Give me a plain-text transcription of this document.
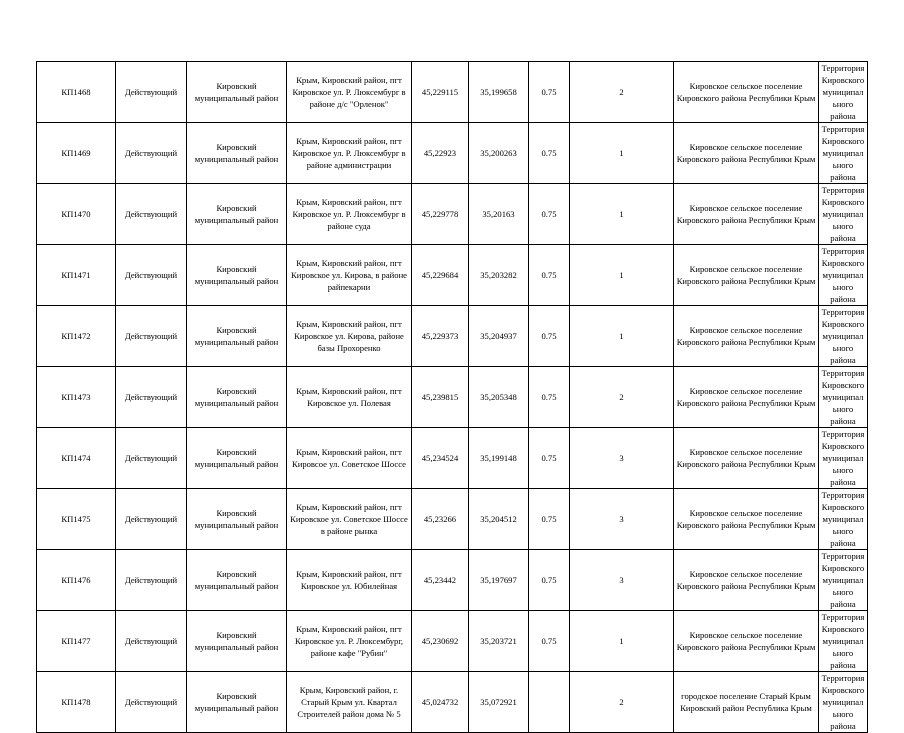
КП1468	Действующий	Кировский муниципальный район	Крым, Кировский район, пгт Кировское ул. Р. Люксембург в районе д/с "Орленок"	45,229115	35,199658	0.75	2	Кировское сельское поселение Кировского района Республики Крым	Территория Кировского муниципального района
КП1469	Действующий	Кировский муниципальный район	Крым, Кировский район, пгт Кировское ул. Р. Люксембург в районе администрации	45,22923	35,200263	0.75	1	Кировское сельское поселение Кировского района Республики Крым	Территория Кировского муниципального района
КП1470	Действующий	Кировский муниципальный район	Крым, Кировский район, пгт Кировское ул. Р. Люксембург в районе суда	45,229778	35,20163	0.75	1	Кировское сельское поселение Кировского района Республики Крым	Территория Кировского муниципального района
КП1471	Действующий	Кировский муниципальный район	Крым, Кировский район, пгт Кировское ул. Кирова, в районе райпекарни	45,229684	35,203282	0.75	1	Кировское сельское поселение Кировского района Республики Крым	Территория Кировского муниципального района
КП1472	Действующий	Кировский муниципальный район	Крым, Кировский район, пгт Кировское ул. Кирова, районе базы Прохоренко	45,229373	35,204937	0.75	1	Кировское сельское поселение Кировского района Республики Крым	Территория Кировского муниципального района
КП1473	Действующий	Кировский муниципальный район	Крым, Кировский район, пгт Кировское ул. Полевая	45,239815	35,205348	0.75	2	Кировское сельское поселение Кировского района Республики Крым	Территория Кировского муниципального района
КП1474	Действующий	Кировский муниципальный район	Крым, Кировский район, пгт Кировсое ул. Советское Шоссе	45,234524	35,199148	0.75	3	Кировское сельское поселение Кировского района Республики Крым	Территория Кировского муниципального района
КП1475	Действующий	Кировский муниципальный район	Крым, Кировский район, пгт Кировское ул. Советское Шоссе в районе рынка	45,23266	35,204512	0.75	3	Кировское сельское поселение Кировского района Республики Крым	Территория Кировского муниципального района
КП1476	Действующий	Кировский муниципальный район	Крым, Кировский район, пгт Кировское ул. Юбилейная	45,23442	35,197697	0.75	3	Кировское сельское поселение Кировского района Республики Крым	Территория Кировского муниципального района
КП1477	Действующий	Кировский муниципальный район	Крым, Кировский район, пгт Кировское ул. Р. Люксембург, районе кафе "Рубин"	45,230692	35,203721	0.75	1	Кировское сельское поселение Кировского района Республики Крым	Территория Кировского муниципального района
КП1478	Действующий	Кировский муниципальный район	Крым, Кировский район, г. Старый Крым ул. Квартал Строителей район дома № 5	45,024732	35,072921		2	городское поселение Старый Крым Кировский район Республика Крым	Территория Кировского муниципального района
